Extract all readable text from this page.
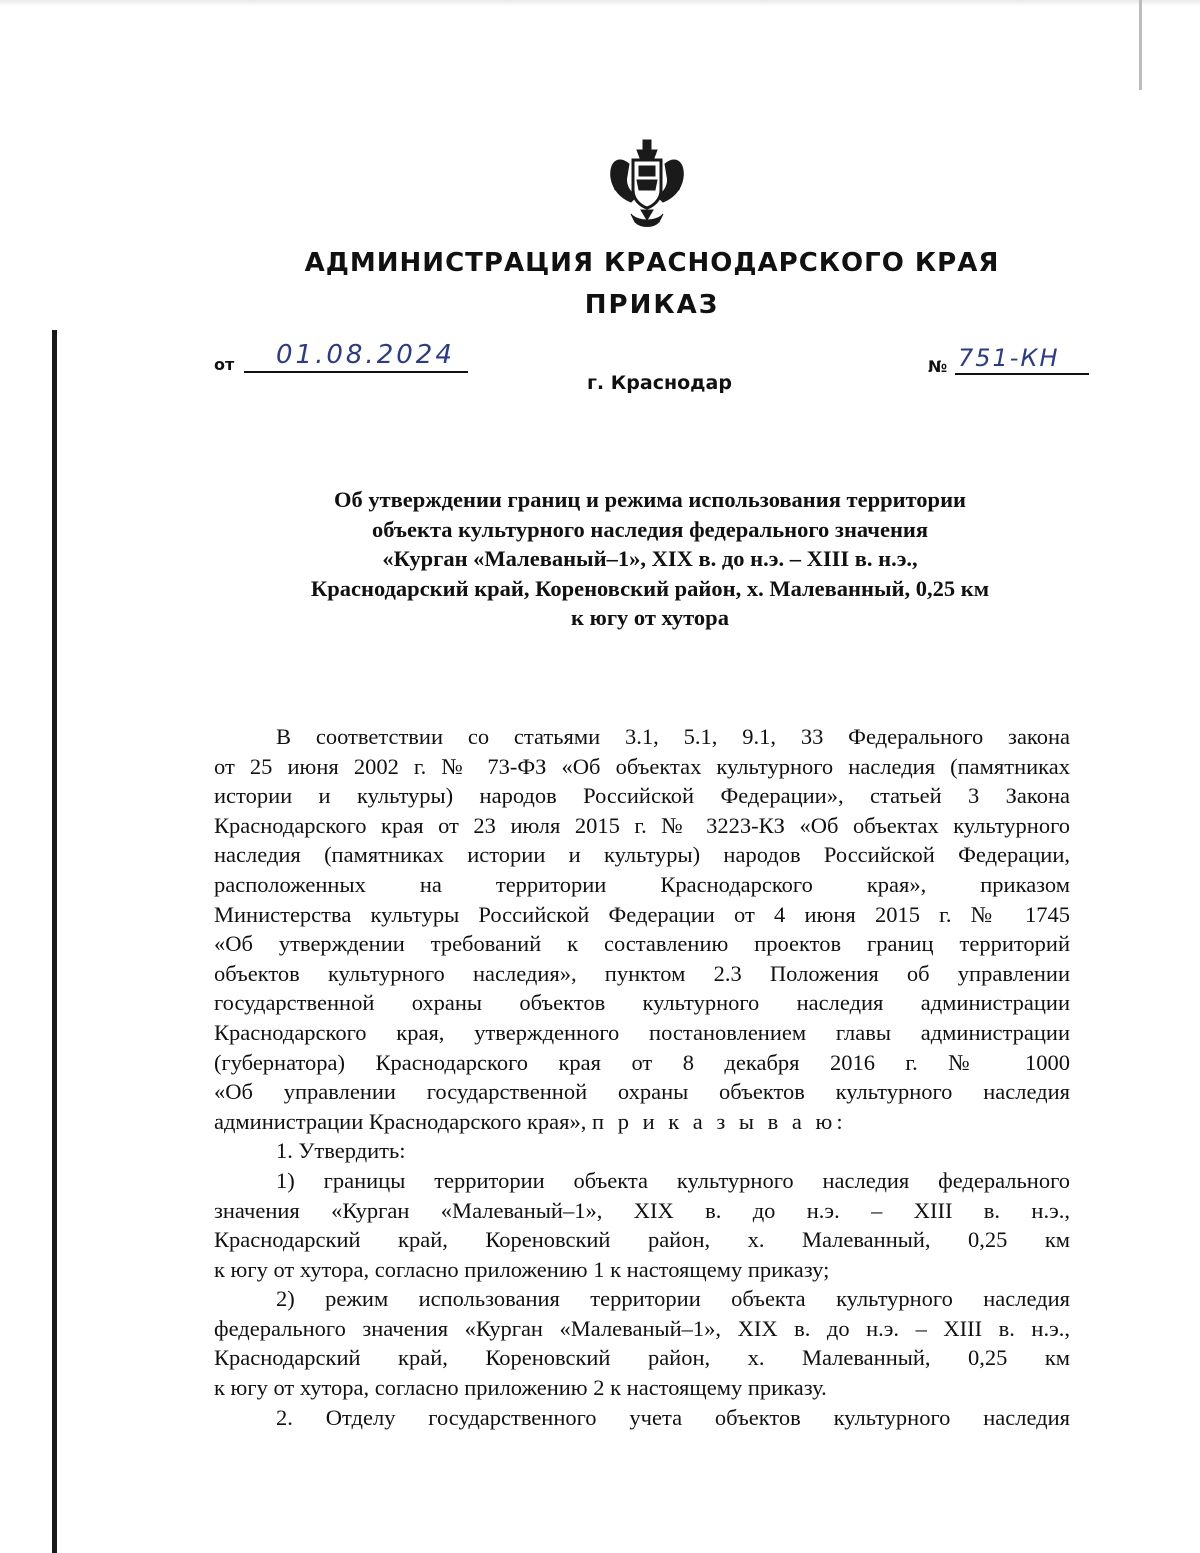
АДМИНИСТРАЦИЯ КРАСНОДАРСКОГО КРАЯ
ПРИКАЗ
от 01.08.2024
г. Краснодар
№ 751-КН
Об утверждении границ и режима использования территории
объекта культурного наследия федерального значения
«Курган «Малеваный–1», XIX в. до н.э. – XIII в. н.э.,
Краснодарский край, Кореновский район, х. Малеванный, 0,25 км
к югу от хутора
В соответствии со статьями 3.1, 5.1, 9.1, 33 Федерального закона
от 25 июня 2002 г. № 73-ФЗ «Об объектах культурного наследия (памятниках
истории и культуры) народов Российской Федерации», статьей 3 Закона
Краснодарского края от 23 июля 2015 г. № 3223-КЗ «Об объектах культурного
наследия (памятниках истории и культуры) народов Российской Федерации,
расположенных на территории Краснодарского края», приказом
Министерства культуры Российской Федерации от 4 июня 2015 г. № 1745
«Об утверждении требований к составлению проектов границ территорий
объектов культурного наследия», пунктом 2.3 Положения об управлении
государственной охраны объектов культурного наследия администрации
Краснодарского края, утвержденного постановлением главы администрации
(губернатора) Краснодарского края от 8 декабря 2016 г. № 1000
«Об управлении государственной охраны объектов культурного наследия
администрации Краснодарского края», п р и к а з ы в а ю:
1. Утвердить:
1) границы территории объекта культурного наследия федерального
значения «Курган «Малеваный–1», XIX в. до н.э. – XIII в. н.э.,
Краснодарский край, Кореновский район, х. Малеванный, 0,25 км
к югу от хутора, согласно приложению 1 к настоящему приказу;
2) режим использования территории объекта культурного наследия
федерального значения «Курган «Малеваный–1», XIX в. до н.э. – XIII в. н.э.,
Краснодарский край, Кореновский район, х. Малеванный, 0,25 км
к югу от хутора, согласно приложению 2 к настоящему приказу.
2. Отделу государственного учета объектов культурного наследия
